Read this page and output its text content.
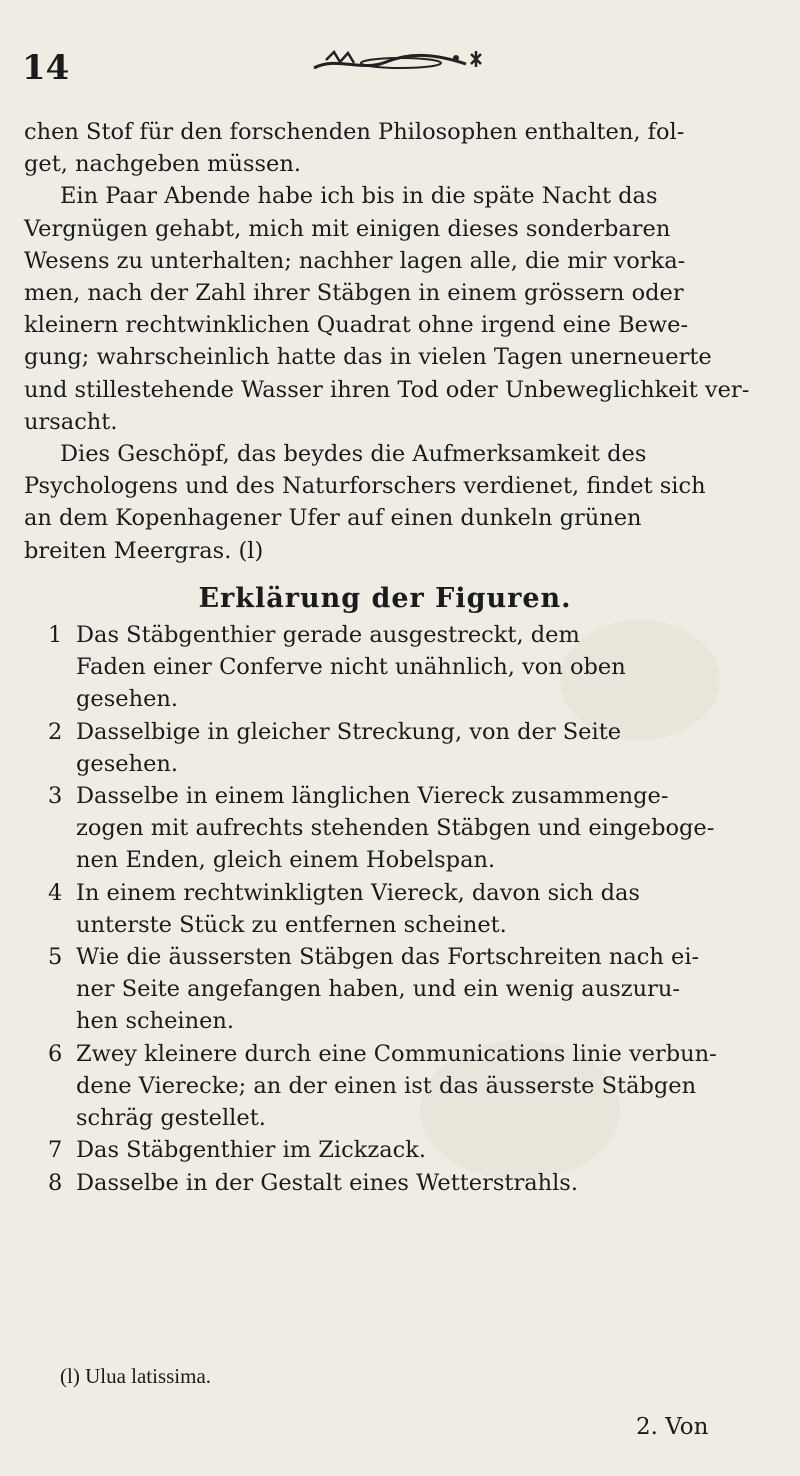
14
chen Stof für den forschenden Philosophen enthalten, fol-
get, nachgeben müssen.
Ein Paar Abende habe ich bis in die späte Nacht das
Vergnügen gehabt, mich mit einigen dieses sonderbaren
Wesens zu unterhalten; nachher lagen alle, die mir vorka-
men, nach der Zahl ihrer Stäbgen in einem grössern oder
kleinern rechtwinklichen Quadrat ohne irgend eine Bewe-
gung; wahrscheinlich hatte das in vielen Tagen unerneuerte
und stillestehende Wasser ihren Tod oder Unbeweglichkeit ver-
ursacht.
Dies Geschöpf, das beydes die Aufmerksamkeit des
Psychologens und des Naturforschers verdienet, findet sich
an dem Kopenhagener Ufer auf einen dunkeln grünen
breiten Meergras. (l)
Erklärung der Figuren.
1 Das Stäbgenthier gerade ausgestreckt, dem
Faden einer Conferve nicht unähnlich, von oben
gesehen.
2 Dasselbige in gleicher Streckung, von der Seite
gesehen.
3 Dasselbe in einem länglichen Viereck zusammenge-
zogen mit aufrechts stehenden Stäbgen und eingeboge-
nen Enden, gleich einem Hobelspan.
4 In einem rechtwinkligten Viereck, davon sich das
unterste Stück zu entfernen scheinet.
5 Wie die äussersten Stäbgen das Fortschreiten nach ei-
ner Seite angefangen haben, und ein wenig auszuru-
hen scheinen.
6 Zwey kleinere durch eine Communications linie verbun-
dene Vierecke; an der einen ist das äusserste Stäbgen
schräg gestellet.
7 Das Stäbgenthier im Zickzack.
8 Dasselbe in der Gestalt eines Wetterstrahls.
(l) Ulua latissima.
2. Von
